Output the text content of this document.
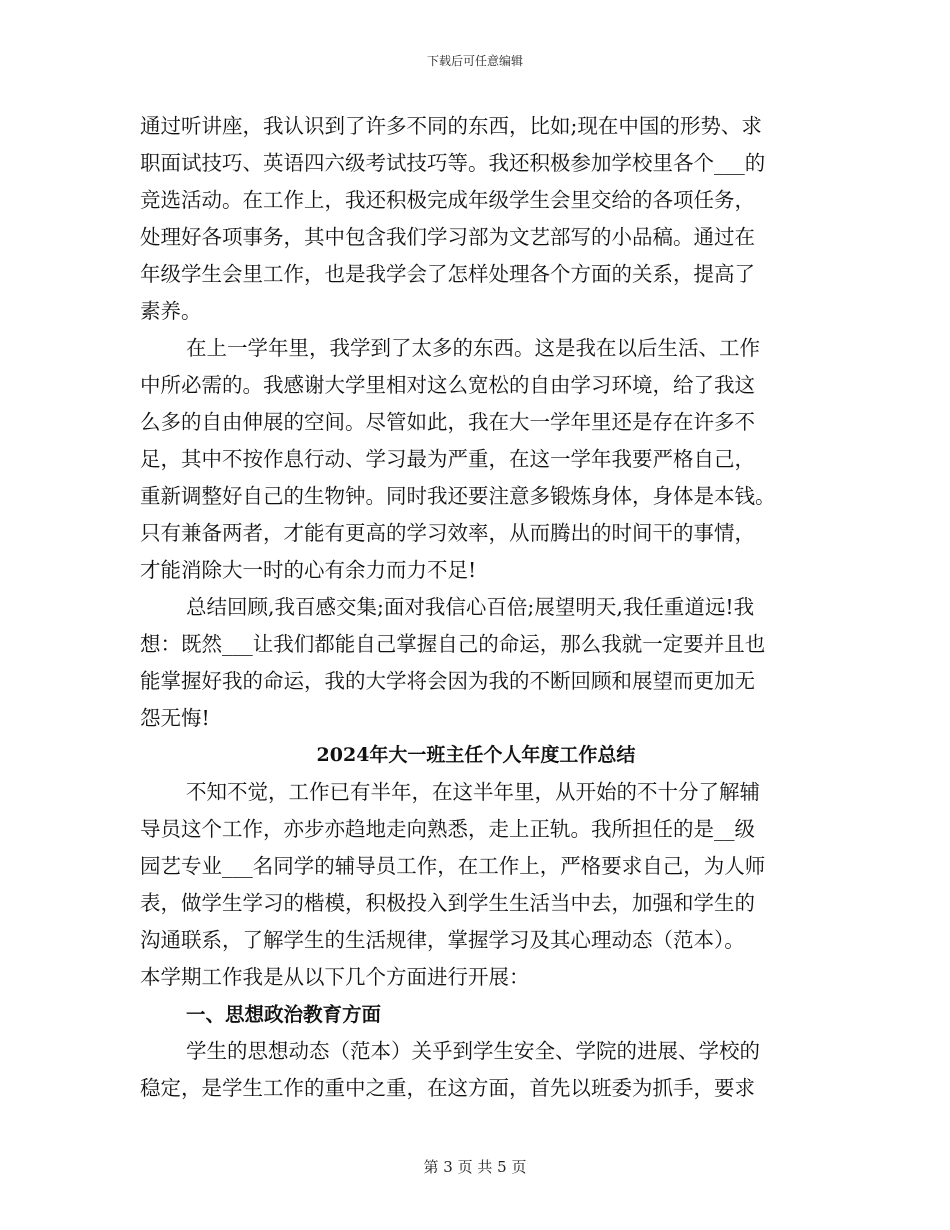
下载后可任意编辑
通过听讲座，我认识到了许多不同的东西，比如;现在中国的形势、求
职面试技巧、英语四六级考试技巧等。我还积极参加学校里各个___的
竞选活动。在工作上，我还积极完成年级学生会里交给的各项任务，
处理好各项事务，其中包含我们学习部为文艺部写的小品稿。通过在
年级学生会里工作，也是我学会了怎样处理各个方面的关系，提高了
素养。
在上一学年里，我学到了太多的东西。这是我在以后生活、工作
中所必需的。我感谢大学里相对这么宽松的自由学习环境，给了我这
么多的自由伸展的空间。尽管如此，我在大一学年里还是存在许多不
足，其中不按作息行动、学习最为严重，在这一学年我要严格自己，
重新调整好自己的生物钟。同时我还要注意多锻炼身体，身体是本钱。
只有兼备两者，才能有更高的学习效率，从而腾出的时间干的事情，
才能消除大一时的心有余力而力不足!
总结回顾,我百感交集;面对我信心百倍;展望明天,我任重道远!我
想：既然___让我们都能自己掌握自己的命运，那么我就一定要并且也
能掌握好我的命运，我的大学将会因为我的不断回顾和展望而更加无
怨无悔!
2024年大一班主任个人年度工作总结
不知不觉，工作已有半年，在这半年里，从开始的不十分了解辅
导员这个工作，亦步亦趋地走向熟悉，走上正轨。我所担任的是__级
园艺专业___名同学的辅导员工作，在工作上，严格要求自己，为人师
表，做学生学习的楷模，积极投入到学生生活当中去，加强和学生的
沟通联系，了解学生的生活规律，掌握学习及其心理动态（范本）。
本学期工作我是从以下几个方面进行开展：
一、思想政治教育方面
学生的思想动态（范本）关乎到学生安全、学院的进展、学校的
稳定，是学生工作的重中之重，在这方面，首先以班委为抓手，要求
第 3 页 共 5 页
